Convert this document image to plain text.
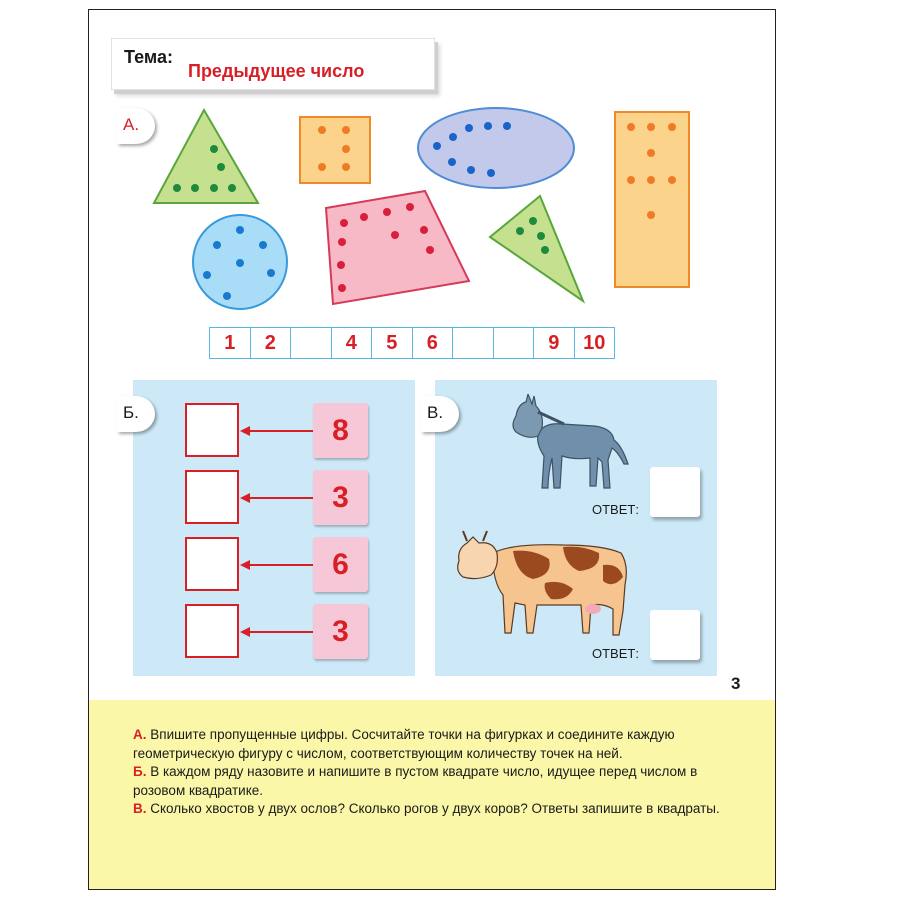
Тема:
Предыдущее число
А.
1	2	4	5	6	9	10
Б.
8
3
6
3
В.
ОТВЕТ:
ОТВЕТ:
3

А. Впишите пропущенные цифры. Сосчитайте точки на фигурках и соедините каждую геометрическую фигуру с числом, соответствующим количеству точек на ней.

Б. В каждом ряду назовите и напишите в пустом квадрате число, идущее перед числом в розовом квадратике.

В. Сколько хвостов у двух ослов? Сколько рогов у двух коров? Ответы запишите в квадраты.
